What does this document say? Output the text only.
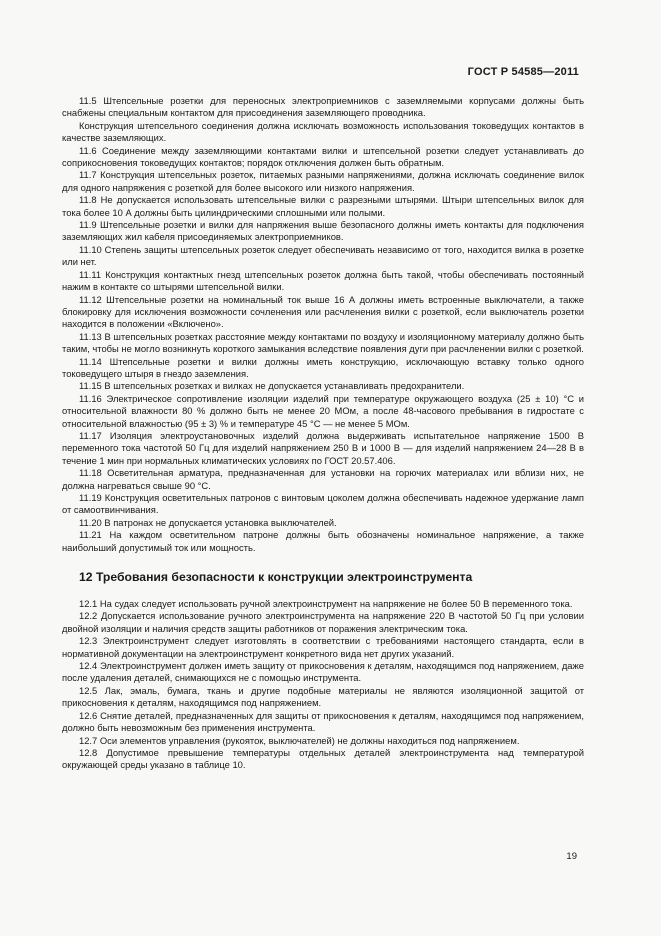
ГОСТ Р 54585—2011

11.5 Штепсельные розетки для переносных электроприемников с заземляемыми корпусами должны быть снабжены специальным контактом для присоединения заземляющего проводника.

Конструкция штепсельного соединения должна исключать возможность использования токоведущих контактов в качестве заземляющих.

11.6 Соединение между заземляющими контактами вилки и штепсельной розетки следует устанавливать до соприкосновения токоведущих контактов; порядок отключения должен быть обратным.

11.7 Конструкция штепсельных розеток, питаемых разными напряжениями, должна исключать соединение вилок для одного напряжения с розеткой для более высокого или низкого напряжения.

11.8 Не допускается использовать штепсельные вилки с разрезными штырями. Штыри штепсельных вилок для тока более 10 А должны быть цилиндрическими сплошными или полыми.

11.9 Штепсельные розетки и вилки для напряжения выше безопасного должны иметь контакты для подключения заземляющих жил кабеля присоединяемых электроприемников.

11.10 Степень защиты штепсельных розеток следует обеспечивать независимо от того, находится вилка в розетке или нет.

11.11 Конструкция контактных гнезд штепсельных розеток должна быть такой, чтобы обеспечивать постоянный нажим в контакте со штырями штепсельной вилки.

11.12 Штепсельные розетки на номинальный ток выше 16 А должны иметь встроенные выключатели, а также блокировку для исключения возможности сочленения или расчленения вилки с розеткой, если выключатель розетки находится в положении «Включено».

11.13 В штепсельных розетках расстояние между контактами по воздуху и изоляционному материалу должно быть таким, чтобы не могло возникнуть короткого замыкания вследствие появления дуги при расчленении вилки с розеткой.

11.14 Штепсельные розетки и вилки должны иметь конструкцию, исключающую вставку только одного токоведущего штыря в гнездо заземления.

11.15 В штепсельных розетках и вилках не допускается устанавливать предохранители.

11.16 Электрическое сопротивление изоляции изделий при температуре окружающего воздуха (25 ± 10) °С и относительной влажности 80 % должно быть не менее 20 МОм, а после 48-часового пребывания в гидростате с относительной влажностью (95 ± 3) % и температуре 45 °С — не менее 5 МОм.

11.17 Изоляция электроустановочных изделий должна выдерживать испытательное напряжение 1500 В переменного тока частотой 50 Гц для изделий напряжением 250 В и 1000 В — для изделий напряжением 24—28 В в течение 1 мин при нормальных климатических условиях по ГОСТ 20.57.406.

11.18 Осветительная арматура, предназначенная для установки на горючих материалах или вблизи них, не должна нагреваться свыше 90 °С.

11.19 Конструкция осветительных патронов с винтовым цоколем должна обеспечивать надежное удержание ламп от самоотвинчивания.

11.20 В патронах не допускается установка выключателей.

11.21 На каждом осветительном патроне должны быть обозначены номинальное напряжение, а также наибольший допустимый ток или мощность.

12 Требования безопасности к конструкции электроинструмента

12.1 На судах следует использовать ручной электроинструмент на напряжение не более 50 В переменного тока.

12.2 Допускается использование ручного электроинструмента на напряжение 220 В частотой 50 Гц при условии двойной изоляции и наличия средств защиты работников от поражения электрическим тока.

12.3 Электроинструмент следует изготовлять в соответствии с требованиями настоящего стандарта, если в нормативной документации на электроинструмент конкретного вида нет других указаний.

12.4 Электроинструмент должен иметь защиту от прикосновения к деталям, находящимся под напряжением, даже после удаления деталей, снимающихся не с помощью инструмента.

12.5 Лак, эмаль, бумага, ткань и другие подобные материалы не являются изоляционной защитой от прикосновения к деталям, находящимся под напряжением.

12.6 Снятие деталей, предназначенных для защиты от прикосновения к деталям, находящимся под напряжением, должно быть невозможным без применения инструмента.

12.7 Оси элементов управления (рукояток, выключателей) не должны находиться под напряжением.

12.8 Допустимое превышение температуры отдельных деталей электроинструмента над температурой окружающей среды указано в таблице 10.

19
